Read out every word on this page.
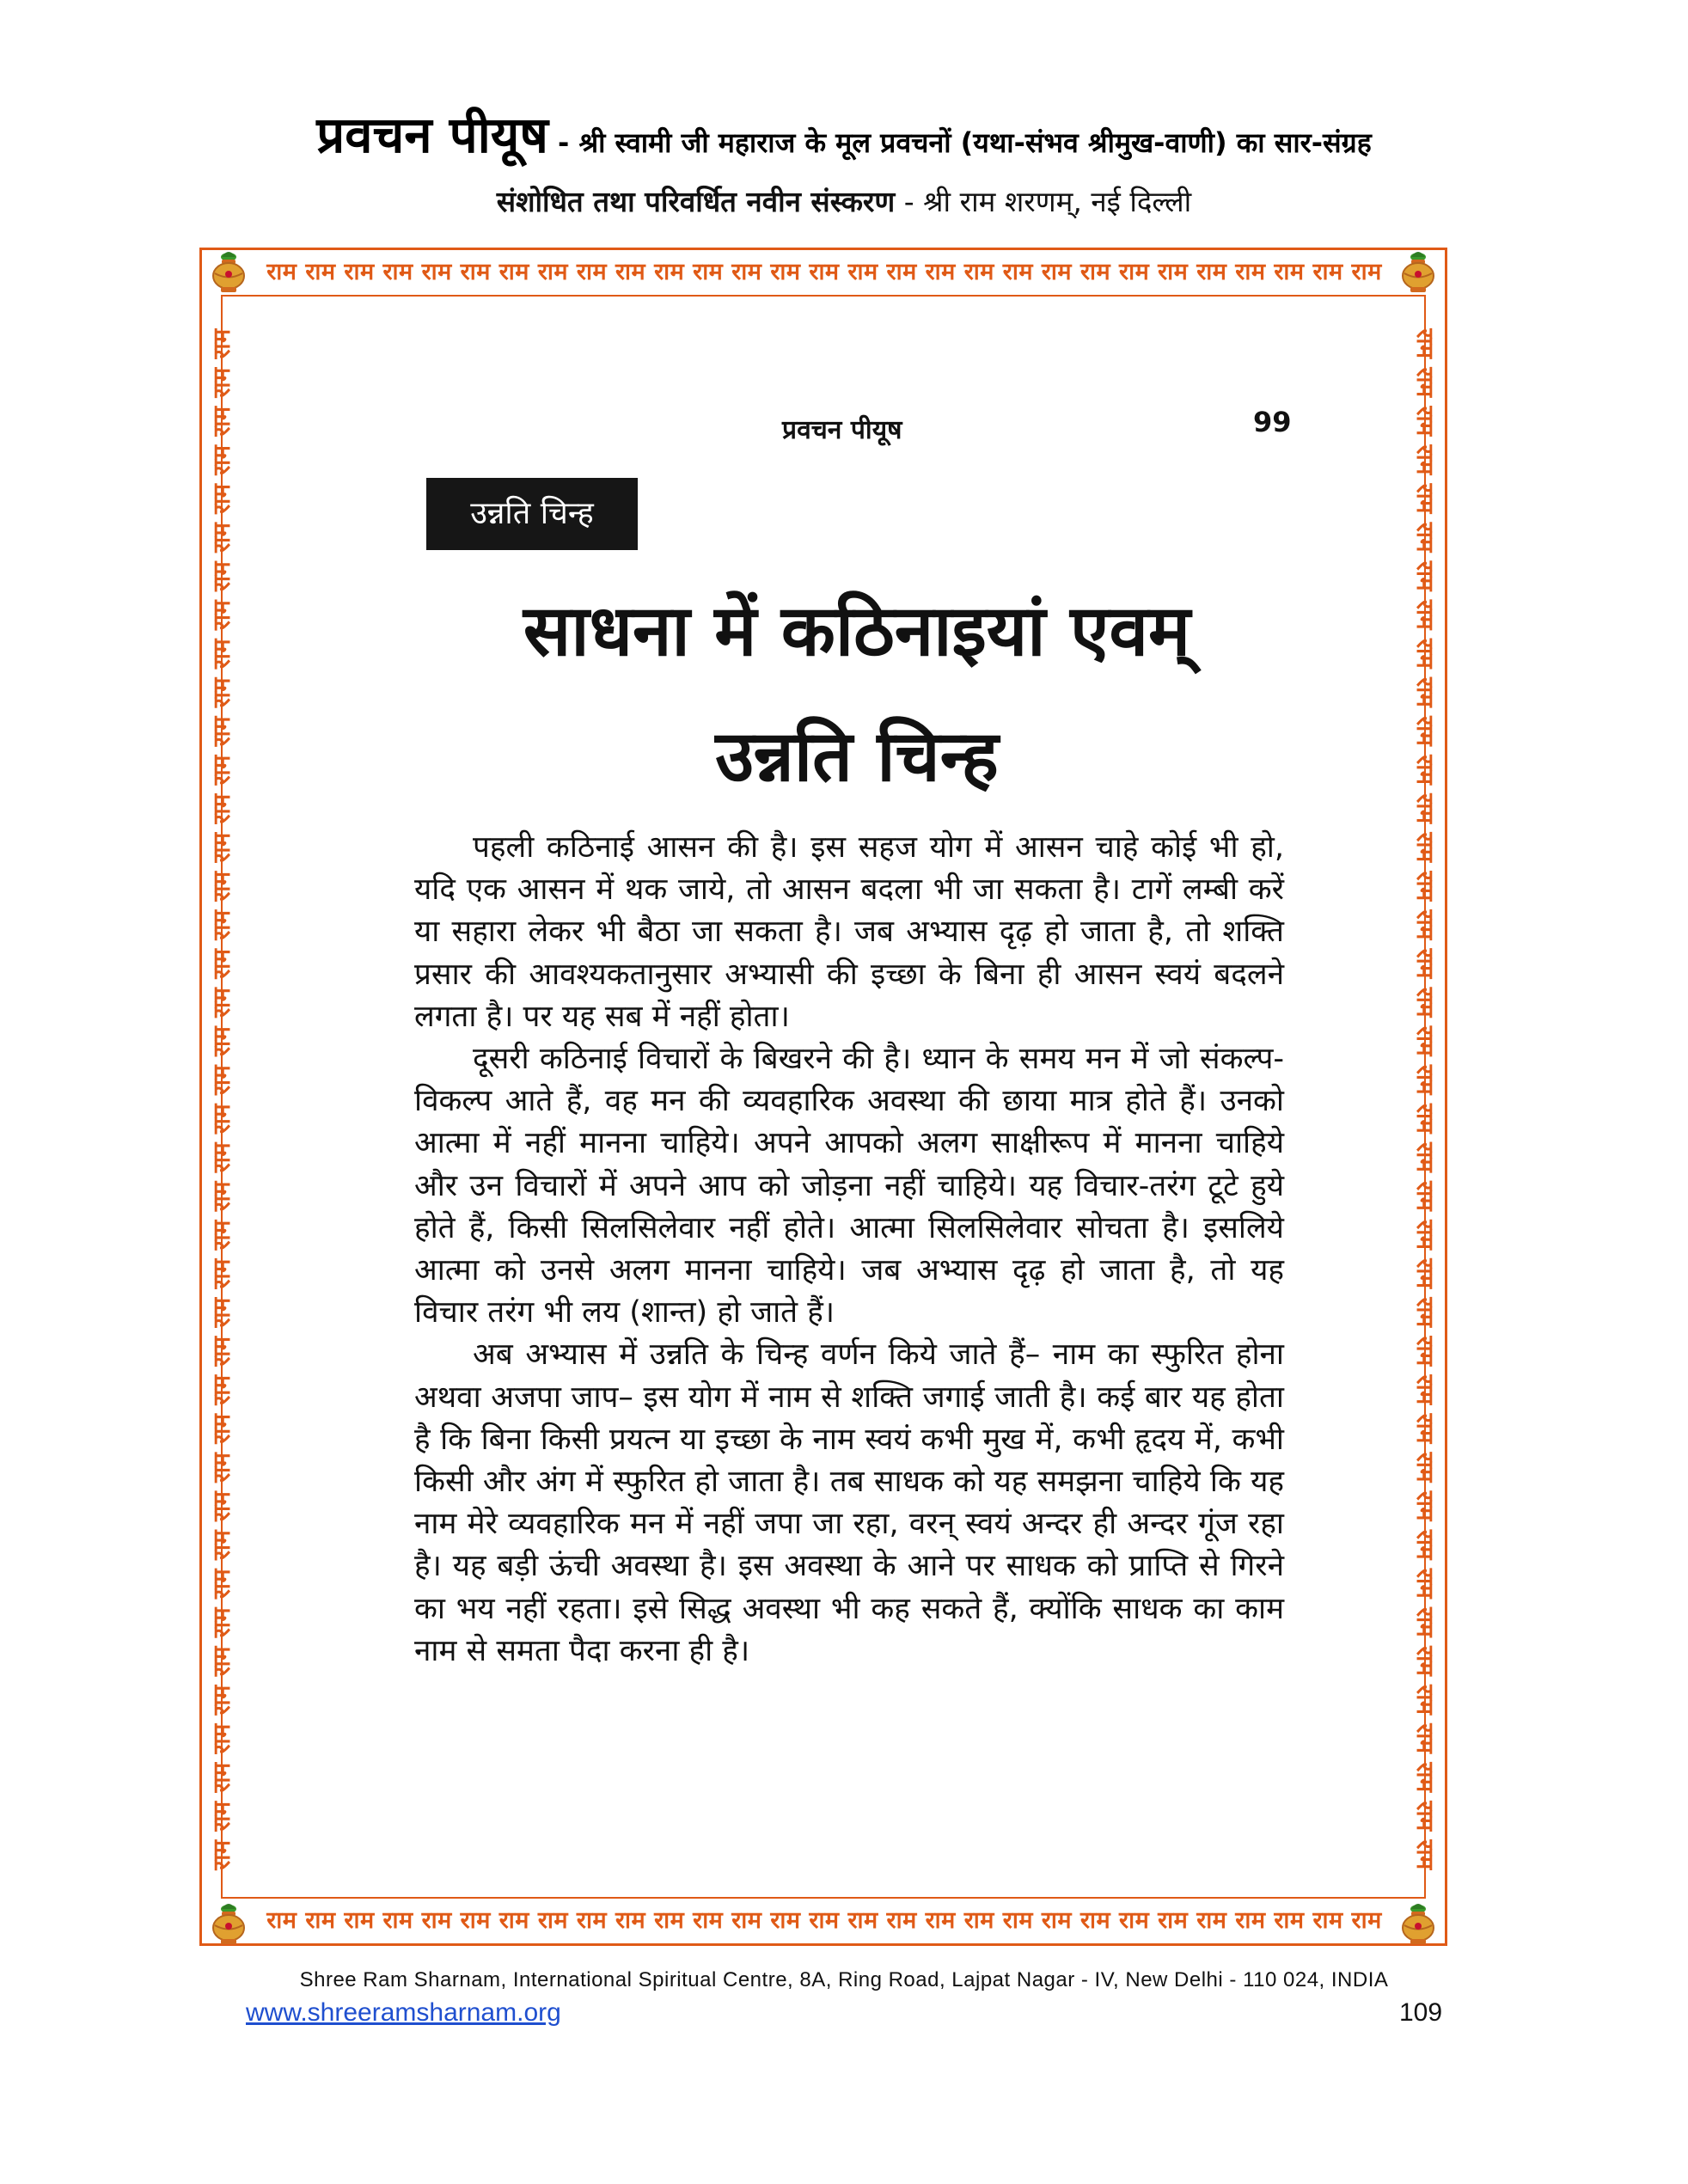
प्रवचन पीयूष - श्री स्वामी जी महाराज के मूल प्रवचनों (यथा-संभव श्रीमुख-वाणी) का सार-संग्रह
संशोधित तथा परिवर्धित नवीन संस्करण - श्री राम शरणम्, नई दिल्ली
राम राम राम राम राम राम राम राम राम राम राम राम राम राम राम राम राम राम राम राम राम राम राम राम राम राम राम राम राम
राम राम राम राम राम राम राम राम राम राम राम राम राम राम राम राम राम राम राम राम राम राम राम राम राम राम राम राम राम
राम राम राम राम राम राम राम राम राम राम राम राम राम राम राम राम राम राम राम राम राम राम राम राम राम राम राम राम राम राम राम राम राम राम राम राम राम राम राम राम	राम राम राम राम राम राम राम राम राम राम राम राम राम राम राम राम राम राम राम राम राम राम राम राम राम राम राम राम राम राम राम राम राम राम राम राम राम राम राम राम
प्रवचन पीयूष	99
उन्नति चिन्ह
साधना में कठिनाइयां एवम्
उन्नति चिन्ह

पहली कठिनाई आसन की है। इस सहज योग में आसन चाहे कोई भी हो, यदि एक आसन में थक जाये, तो आसन बदला भी जा सकता है। टागें लम्बी करें या सहारा लेकर भी बैठा जा सकता है। जब अभ्यास दृढ़ हो जाता है, तो शक्ति प्रसार की आवश्यकतानुसार अभ्यासी की इच्छा के बिना ही आसन स्वयं बदलने लगता है। पर यह सब में नहीं होता।

दूसरी कठिनाई विचारों के बिखरने की है। ध्यान के समय मन में जो संकल्प-विकल्प आते हैं, वह मन की व्यवहारिक अवस्था की छाया मात्र होते हैं। उनको आत्मा में नहीं मानना चाहिये। अपने आपको अलग साक्षीरूप में मानना चाहिये और उन विचारों में अपने आप को जोड़ना नहीं चाहिये। यह विचार-तरंग टूटे हुये होते हैं, किसी सिलसिलेवार नहीं होते। आत्मा सिलसिलेवार सोचता है। इसलिये आत्मा को उनसे अलग मानना चाहिये। जब अभ्यास दृढ़ हो जाता है, तो यह विचार तरंग भी लय (शान्त) हो जाते हैं।

अब अभ्यास में उन्नति के चिन्ह वर्णन किये जाते हैं– नाम का स्फुरित होना अथवा अजपा जाप– इस योग में नाम से शक्ति जगाई जाती है। कई बार यह होता है कि बिना किसी प्रयत्न या इच्छा के नाम स्वयं कभी मुख में, कभी हृदय में, कभी किसी और अंग में स्फुरित हो जाता है। तब साधक को यह समझना चाहिये कि यह नाम मेरे व्यवहारिक मन में नहीं जपा जा रहा, वरन् स्वयं अन्दर ही अन्दर गूंज रहा है। यह बड़ी ऊंची अवस्था है। इस अवस्था के आने पर साधक को प्राप्ति से गिरने का भय नहीं रहता। इसे सिद्ध अवस्था भी कह सकते हैं, क्योंकि साधक का काम नाम से समता पैदा करना ही है।

Shree Ram Sharnam, International Spiritual Centre, 8A, Ring Road, Lajpat Nagar - IV, New Delhi - 110 024, INDIA
www.shreeramsharnam.org	109
